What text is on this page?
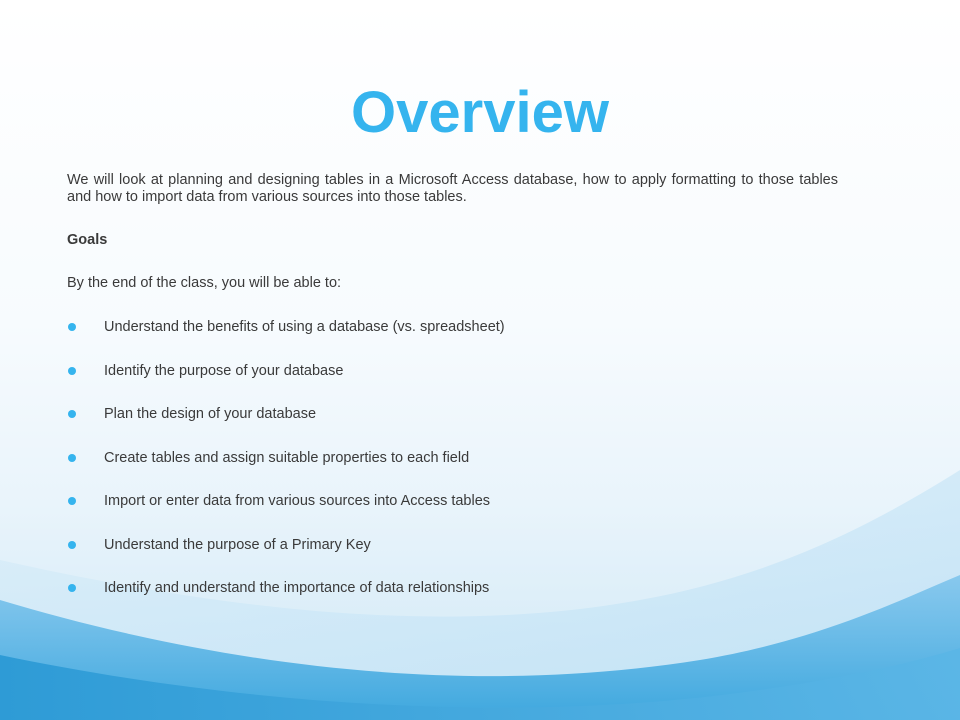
Overview

We will look at planning and designing tables in a Microsoft Access database, how to apply formatting to those tables and how to import data from various sources into those tables.

Goals

By the end of the class, you will be able to:

Understand the benefits of using a database (vs. spreadsheet)
Identify the purpose of your database
Plan the design of your database
Create tables and assign suitable properties to each field
Import or enter data from various sources into Access tables
Understand the purpose of a Primary Key
Identify and understand the importance of data relationships
